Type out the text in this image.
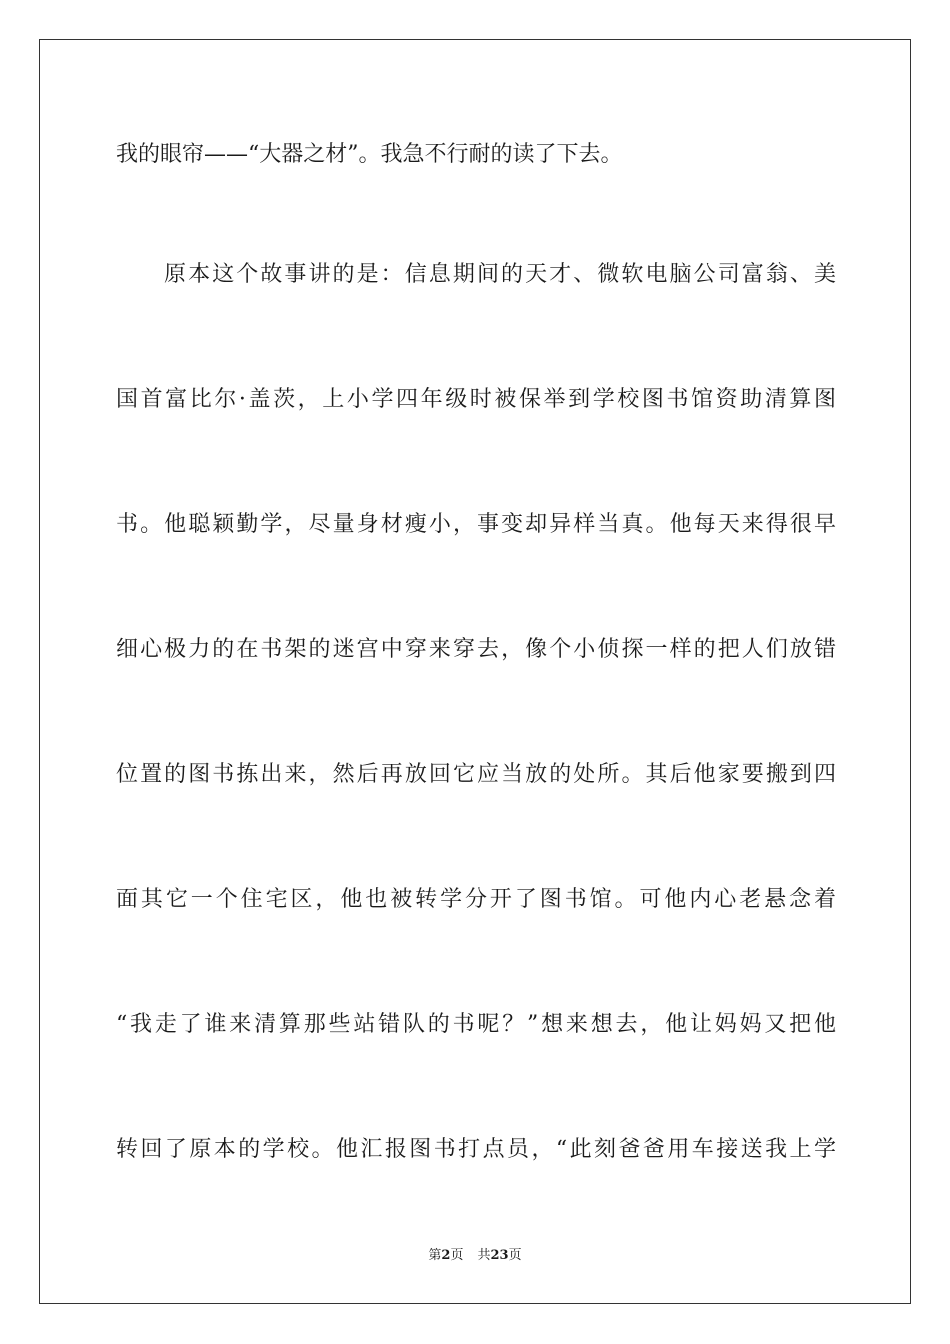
我的眼帘——“大器之材”。我急不行耐的读了下去。
原本这个故事讲的是：信息期间的天才、微软电脑公司富翁、美
国首富比尔·盖茨，上小学四年级时被保举到学校图书馆资助清算图
书。他聪颖勤学，尽量身材瘦小，事变却异样当真。他每天来得很早
细心极力的在书架的迷宫中穿来穿去，像个小侦探一样的把人们放错
位置的图书拣出来，然后再放回它应当放的处所。其后他家要搬到四
面其它一个住宅区，他也被转学分开了图书馆。可他内心老悬念着
“我走了谁来清算那些站错队的书呢？”想来想去，他让妈妈又把他
转回了原本的学校。他汇报图书打点员，“此刻爸爸用车接送我上学
第2页 共23页
